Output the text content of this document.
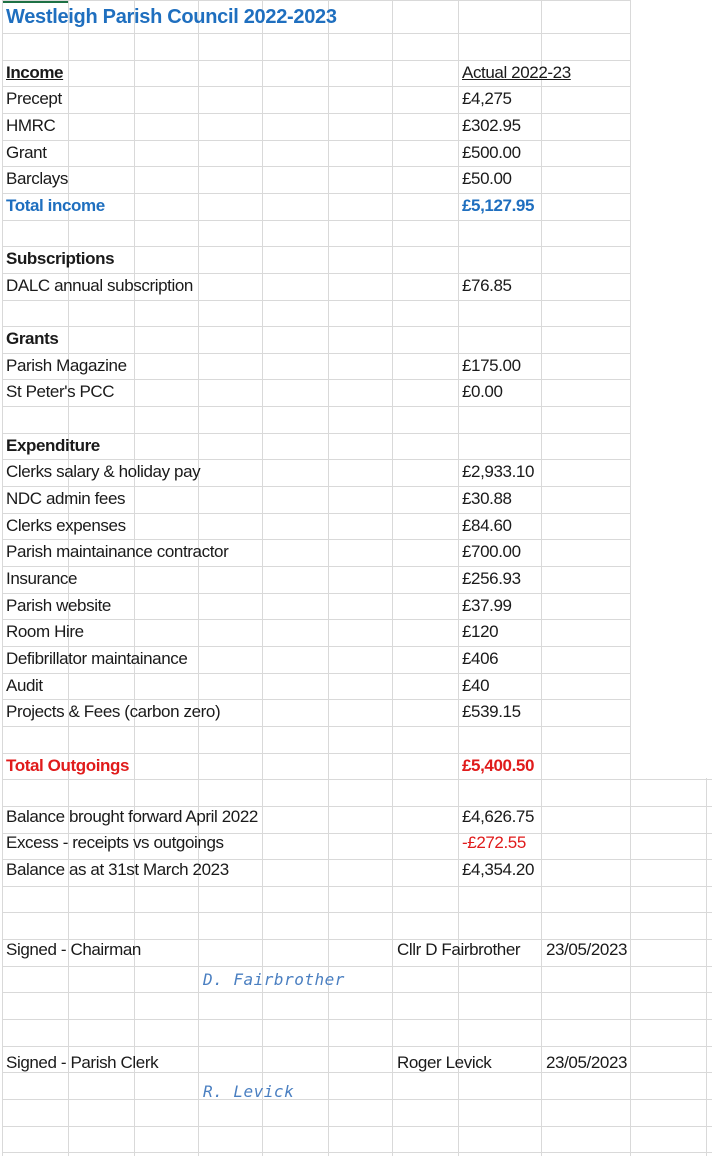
Westleigh Parish Council 2022-2023
Income	Actual 2022-23
Precept	£4,275
HMRC	£302.95
Grant	£500.00
Barclays	£50.00
Total income	£5,127.95
Subscriptions
DALC annual subscription	£76.85
Grants
Parish Magazine	£175.00
St Peter's PCC	£0.00
Expenditure
Clerks salary & holiday pay	£2,933.10
NDC admin fees	£30.88
Clerks expenses	£84.60
Parish maintainance contractor	£700.00
Insurance	£256.93
Parish website	£37.99
Room Hire	£120
Defibrillator maintainance	£406
Audit	£40
Projects & Fees (carbon zero)	£539.15
Total Outgoings	£5,400.50
Balance brought forward April 2022	£4,626.75
Excess - receipts vs outgoings	-£272.55
Balance as at 31st March 2023	£4,354.20
Signed - Chairman	Cllr D Fairbrother 23/05/2023
D. Fairbrother
Signed - Parish Clerk	Roger Levick	23/05/2023
R. Levick
